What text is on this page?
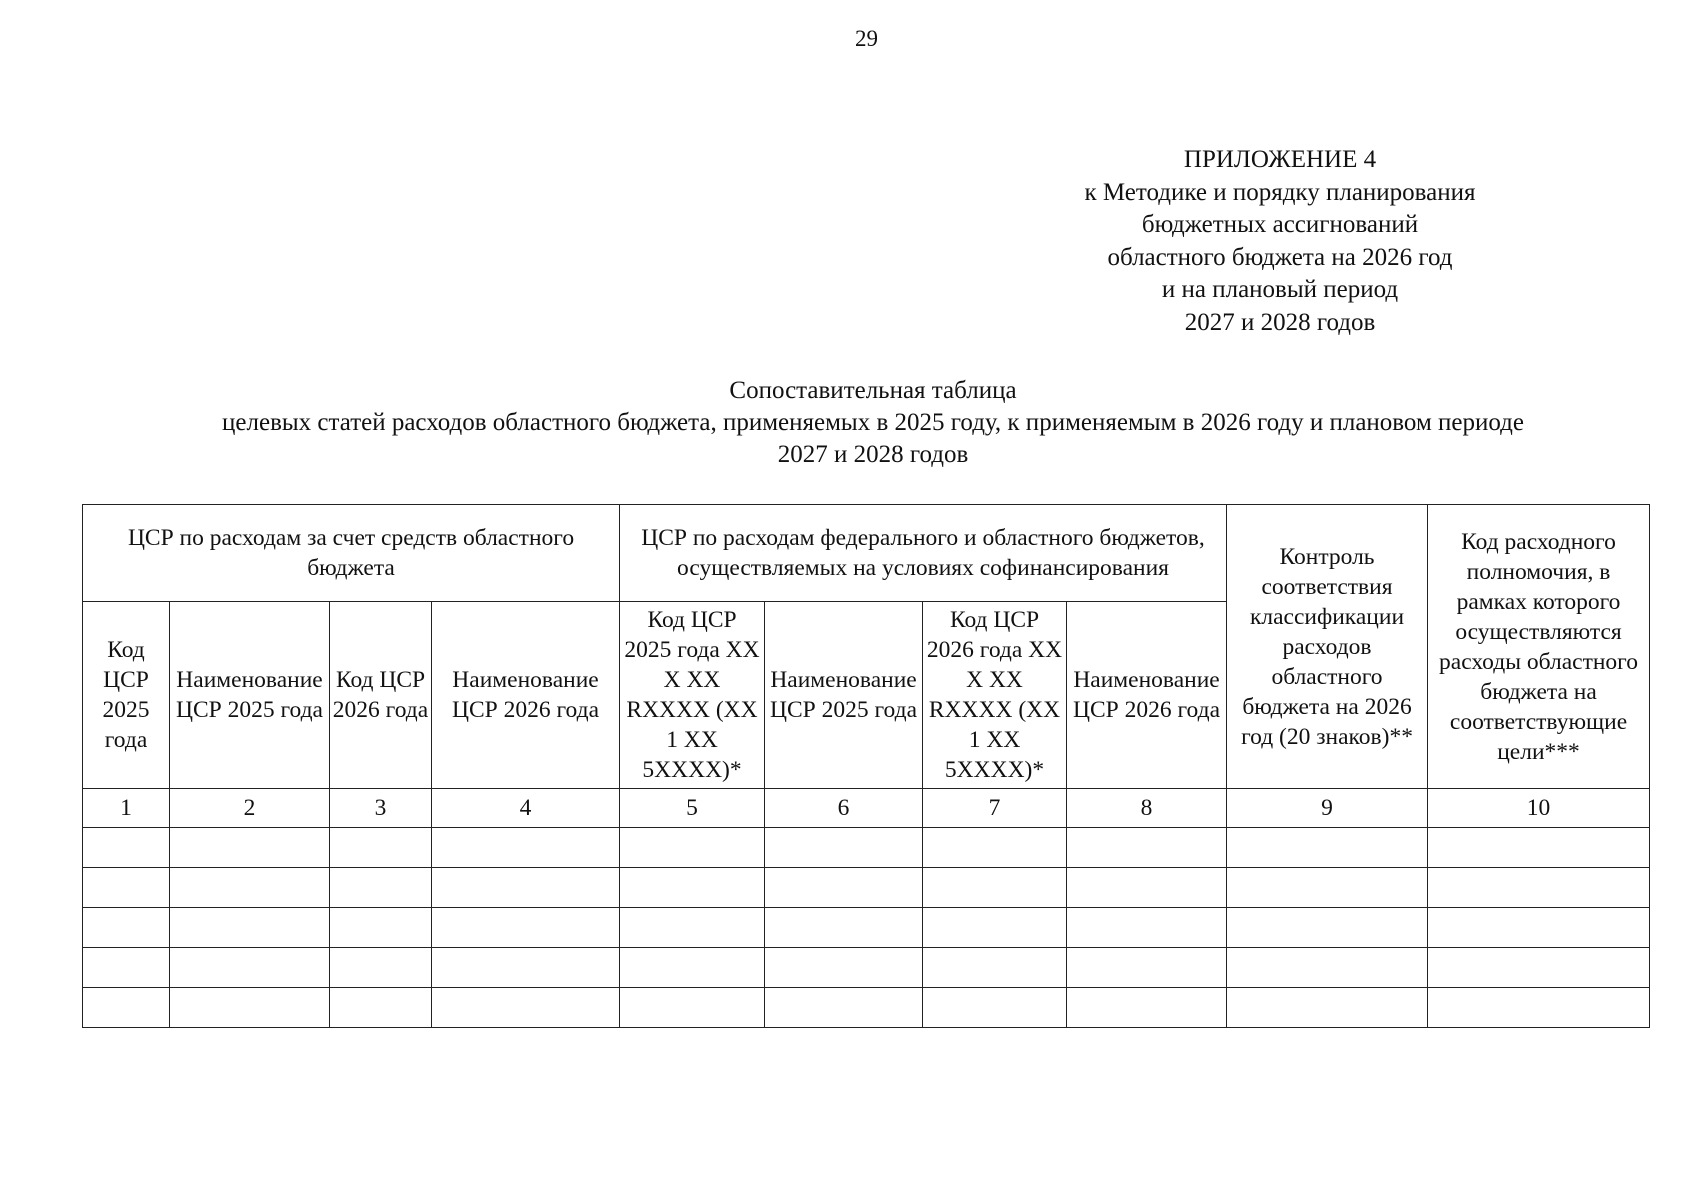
29
ПРИЛОЖЕНИЕ 4
к Методике и порядку планирования
бюджетных ассигнований
областного бюджета на 2026 год
и на плановый период
2027 и 2028 годов
Сопоставительная таблица
целевых статей расходов областного бюджета, применяемых в 2025 году, к применяемым в 2026 году и плановом периоде
2027 и 2028 годов
ЦСР по расходам за счет средств областного бюджета				ЦСР по расходам федерального и областного бюджетов, осуществляемых на условиях софинансирования				Контроль соответствия классификации расходов областного бюджета на 2026 год (20 знаков)**	Код расходного полномочия, в рамках которого осуществляются расходы областного бюджета на соответствующие цели***

Код ЦСР 2025 года	Наименование ЦСР 2025 года	Код ЦСР 2026 года	Наименование ЦСР 2026 года	Код ЦСР 2025 года XX X XX RXXXX (XX 1 XX 5XXXX)*	Наименование ЦСР 2025 года	Код ЦСР 2026 года XX X XX RXXXX (XX 1 XX 5XXXX)*	Наименование ЦСР 2026 года		
1	2	3	4	5	6	7	8	9	10
